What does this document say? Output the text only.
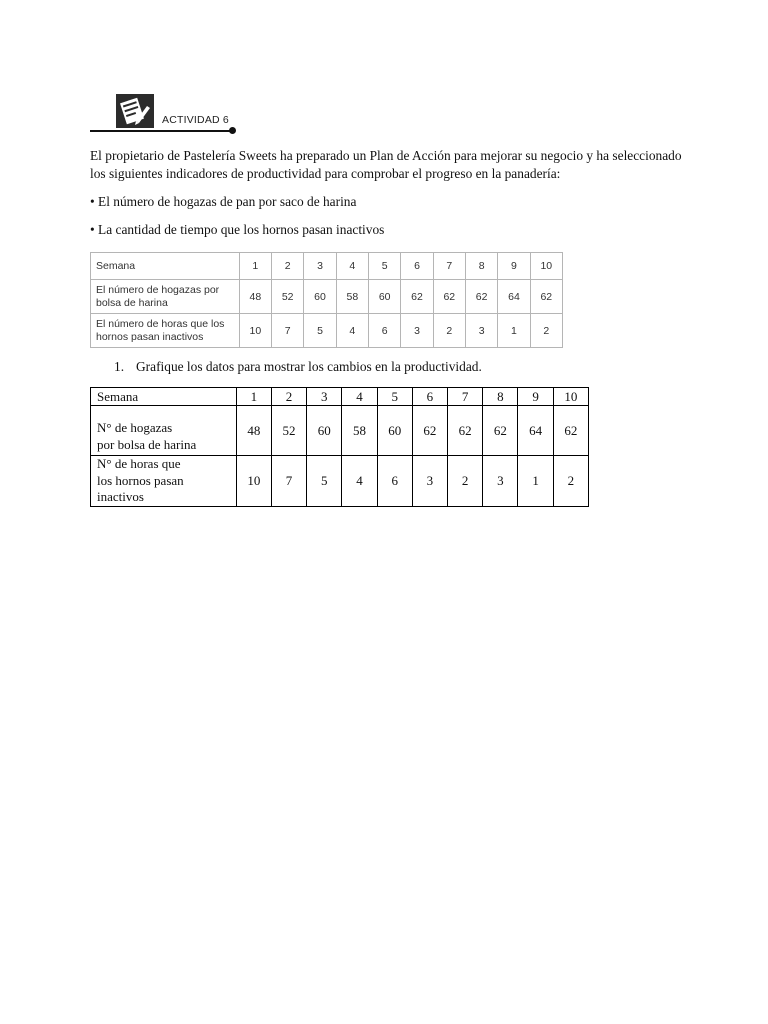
ACTIVIDAD 6

El propietario de Pastelería Sweets ha preparado un Plan de Acción para mejorar su negocio y ha seleccionado los siguientes indicadores de productividad para comprobar el progreso en la panadería:

• El número de hogazas de pan por saco de harina

• La cantidad de tiempo que los hornos pasan inactivos

Semana	1	2	3	4	5	6	7	8	9	10
El número de hogazas por
bolsa de harina	48	52	60	58	60	62	62	62	64	62
El número de horas que los
hornos pasan inactivos	10	7	5	4	6	3	2	3	1	2

1. Grafique los datos para mostrar los cambios en la productividad.

Semana	1	2	3	4	5	6	7	8	9	10
N° de hogazas
por bolsa de harina	48	52	60	58	60	62	62	62	64	62
N° de horas que
los hornos pasan
inactivos	10	7	5	4	6	3	2	3	1	2
